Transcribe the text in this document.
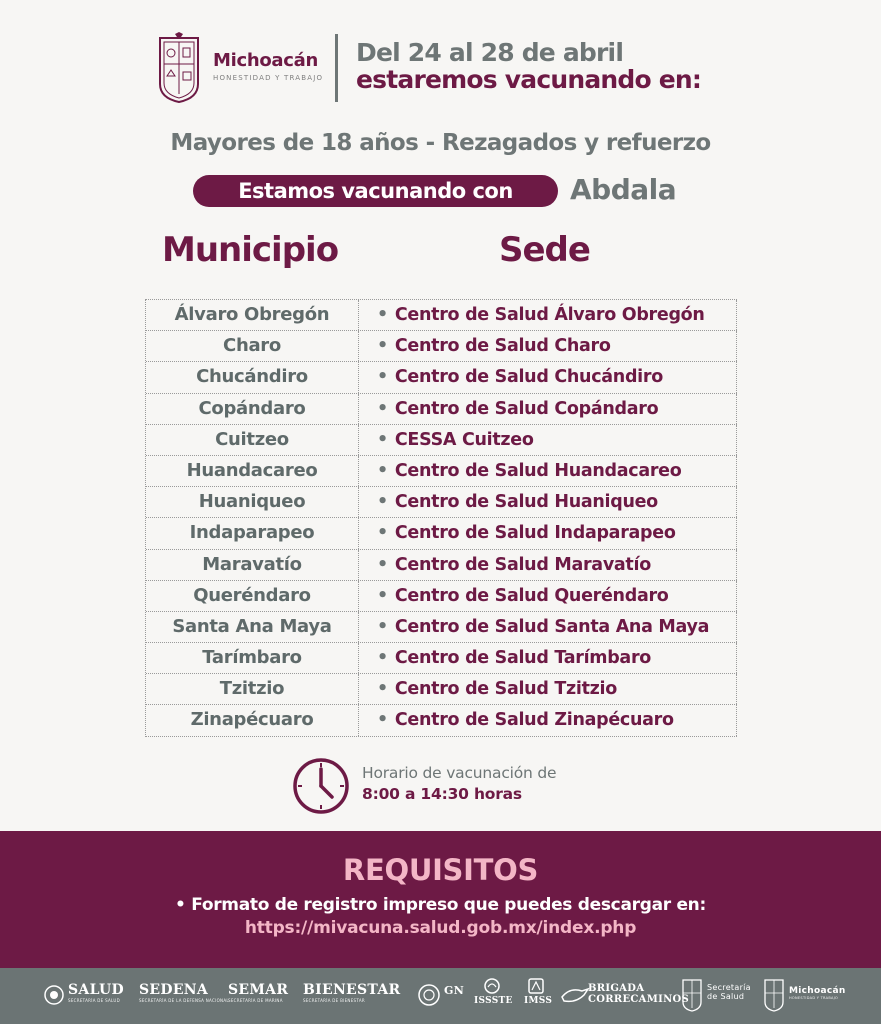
Michoacán
HONESTIDAD Y TRABAJO
Del 24 al 28 de abril
estaremos vacunando en:
Mayores de 18 años - Rezagados y refuerzo
Estamos vacunando con	Abdala
Municipio	Sede
Álvaro Obregón	• Centro de Salud Álvaro Obregón
Charo	• Centro de Salud Charo
Chucándiro	• Centro de Salud Chucándiro
Copándaro	• Centro de Salud Copándaro
Cuitzeo	• CESSA Cuitzeo
Huandacareo	• Centro de Salud Huandacareo
Huaniqueo	• Centro de Salud Huaniqueo
Indaparapeo	• Centro de Salud Indaparapeo
Maravatío	• Centro de Salud Maravatío
Queréndaro	• Centro de Salud Queréndaro
Santa Ana Maya	• Centro de Salud Santa Ana Maya
Tarímbaro	• Centro de Salud Tarímbaro
Tzitzio	• Centro de Salud Tzitzio
Zinapécuaro	• Centro de Salud Zinapécuaro
Horario de vacunación de
8:00 a 14:30 horas
REQUISITOS
• Formato de registro impreso que puedes descargar en:
https://mivacuna.salud.gob.mx/index.php
SALUD
SECRETARÍA DE SALUD
SEDENA
SECRETARÍA DE LA DEFENSA NACIONAL
SEMAR
SECRETARÍA DE MARINA
BIENESTAR
SECRETARÍA DE BIENESTAR
GN
ISSSTE IMSS
BRIGADA
CORRECAMINOS
Secretaría
de Salud
Michoacán
HONESTIDAD Y TRABAJO
